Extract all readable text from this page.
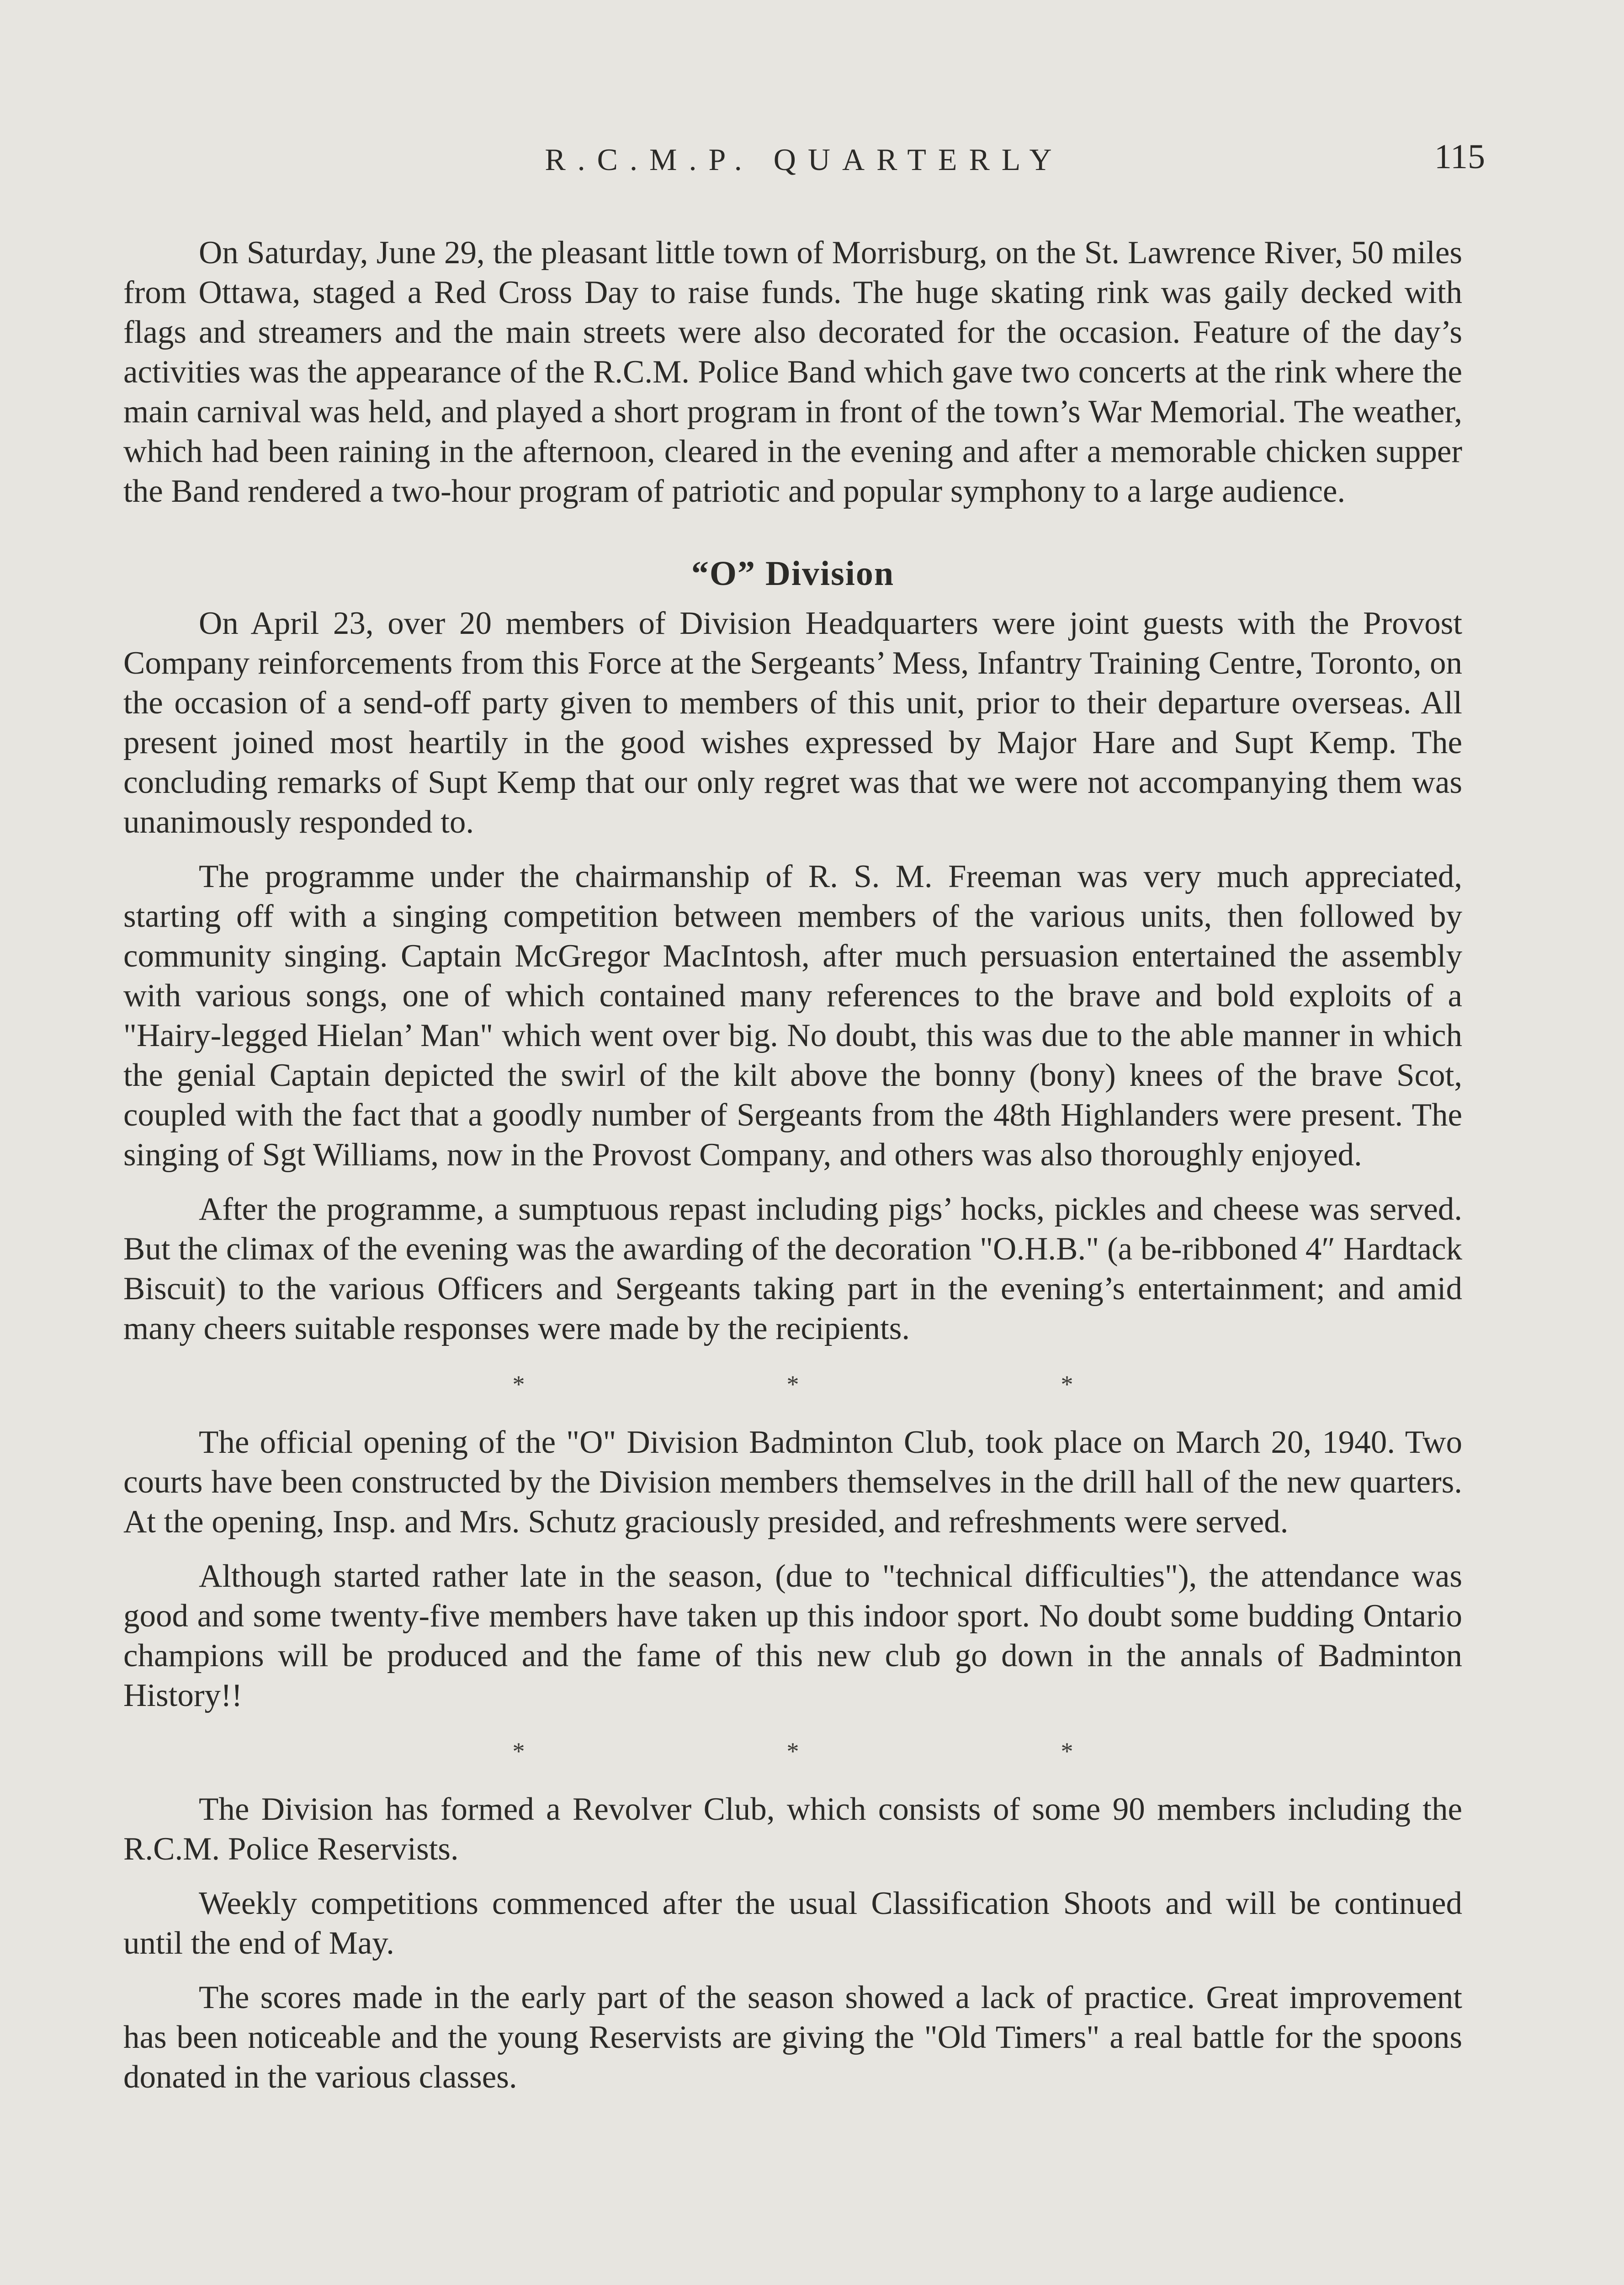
R.C.M.P. QUARTERLY	115

On Saturday, June 29, the pleasant little town of Morrisburg, on the St. Lawrence River, 50 miles from Ottawa, staged a Red Cross Day to raise funds. The huge skating rink was gaily decked with flags and streamers and the main streets were also decorated for the occasion. Feature of the day’s activities was the appearance of the R.C.M. Police Band which gave two concerts at the rink where the main carnival was held, and played a short program in front of the town’s War Memorial. The weather, which had been raining in the afternoon, cleared in the evening and after a memorable chicken supper the Band rendered a two-hour program of patriotic and popular symphony to a large audience.

“O” Division

On April 23, over 20 members of Division Headquarters were joint guests with the Provost Company reinforcements from this Force at the Sergeants’ Mess, Infantry Training Centre, Toronto, on the occasion of a send-off party given to members of this unit, prior to their departure overseas. All present joined most heartily in the good wishes expressed by Major Hare and Supt Kemp. The concluding remarks of Supt Kemp that our only regret was that we were not accompanying them was unanimously responded to.

The programme under the chairmanship of R. S. M. Freeman was very much appreciated, starting off with a singing competition between members of the various units, then followed by community singing. Captain McGregor MacIntosh, after much persuasion entertained the assembly with various songs, one of which contained many references to the brave and bold exploits of a "Hairy-legged Hielan’ Man" which went over big. No doubt, this was due to the able manner in which the genial Captain depicted the swirl of the kilt above the bonny (bony) knees of the brave Scot, coupled with the fact that a goodly number of Sergeants from the 48th Highlanders were present. The singing of Sgt Williams, now in the Provost Company, and others was also thoroughly enjoyed.

After the programme, a sumptuous repast including pigs’ hocks, pickles and cheese was served. But the climax of the evening was the awarding of the decoration "O.H.B." (a be-ribboned 4″ Hardtack Biscuit) to the various Officers and Sergeants taking part in the evening’s entertainment; and amid many cheers suitable responses were made by the recipients.

*	*	*

The official opening of the "O" Division Badminton Club, took place on March 20, 1940. Two courts have been constructed by the Division members themselves in the drill hall of the new quarters. At the opening, Insp. and Mrs. Schutz graciously presided, and refreshments were served.

Although started rather late in the season, (due to "technical difficulties"), the attendance was good and some twenty-five members have taken up this indoor sport. No doubt some budding Ontario champions will be produced and the fame of this new club go down in the annals of Badminton History!!

*	*	*

The Division has formed a Revolver Club, which consists of some 90 members including the R.C.M. Police Reservists.

Weekly competitions commenced after the usual Classification Shoots and will be continued until the end of May.

The scores made in the early part of the season showed a lack of practice. Great improvement has been noticeable and the young Reservists are giving the "Old Timers" a real battle for the spoons donated in the various classes.
